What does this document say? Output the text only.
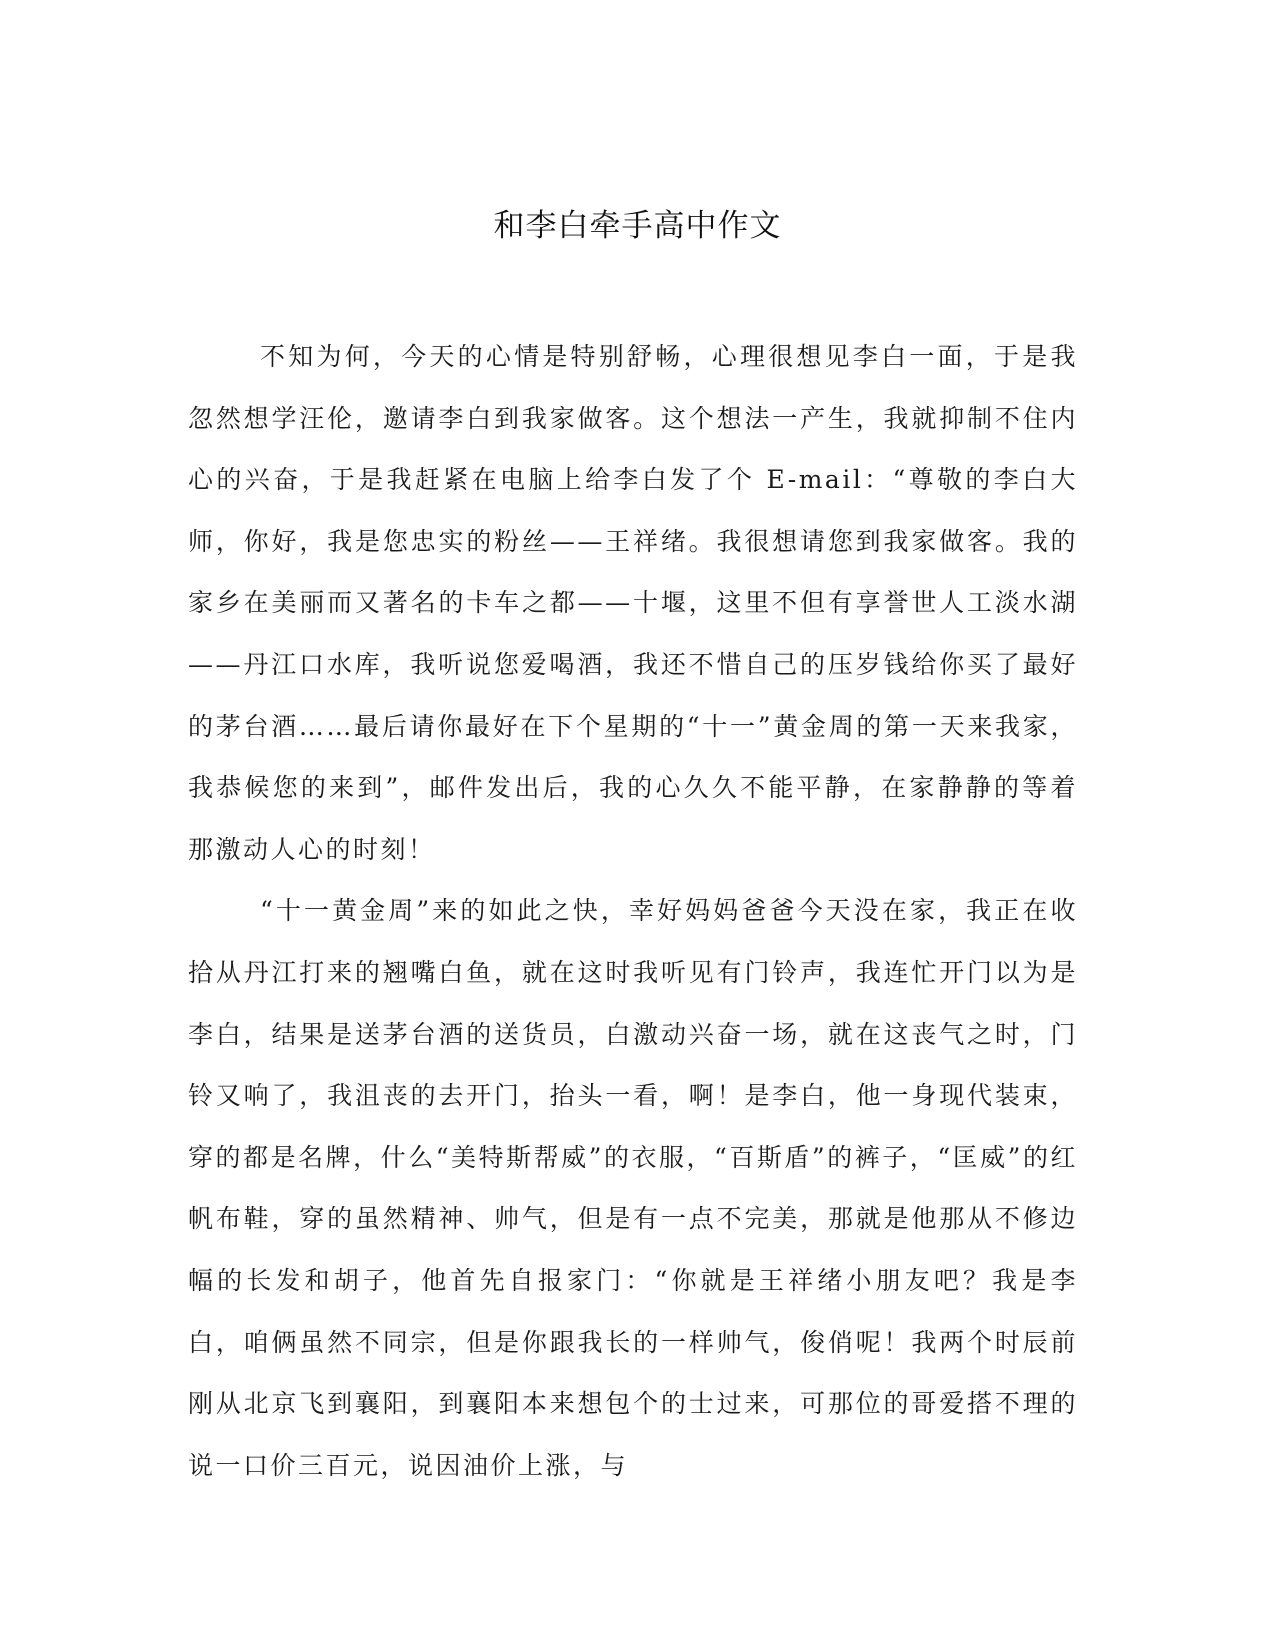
和李白牵手高中作文

不知为何，今天的心情是特别舒畅，心理很想见李白一面，于是我忽然想学汪伦，邀请李白到我家做客。这个想法一产生，我就抑制不住内心的兴奋，于是我赶紧在电脑上给李白发了个 E-mail：“尊敬的李白大师，你好，我是您忠实的粉丝——王祥绪。我很想请您到我家做客。我的家乡在美丽而又著名的卡车之都——十堰，这里不但有享誉世人工淡水湖——丹江口水库，我听说您爱喝酒，我还不惜自己的压岁钱给你买了最好的茅台酒……最后请你最好在下个星期的“十一”黄金周的第一天来我家，我恭候您的来到”，邮件发出后，我的心久久不能平静，在家静静的等着那激动人心的时刻！

“十一黄金周”来的如此之快，幸好妈妈爸爸今天没在家，我正在收拾从丹江打来的翘嘴白鱼，就在这时我听见有门铃声，我连忙开门以为是李白，结果是送茅台酒的送货员，白激动兴奋一场，就在这丧气之时，门铃又响了，我沮丧的去开门，抬头一看，啊！是李白，他一身现代装束，穿的都是名牌，什么“美特斯帮威”的衣服，“百斯盾”的裤子，“匡威”的红帆布鞋，穿的虽然精神、帅气，但是有一点不完美，那就是他那从不修边幅的长发和胡子，他首先自报家门：“你就是王祥绪小朋友吧？我是李白，咱俩虽然不同宗，但是你跟我长的一样帅气，俊俏呢！我两个时辰前刚从北京飞到襄阳，到襄阳本来想包个的士过来，可那位的哥爱搭不理的说一口价三百元，说因油价上涨，与
